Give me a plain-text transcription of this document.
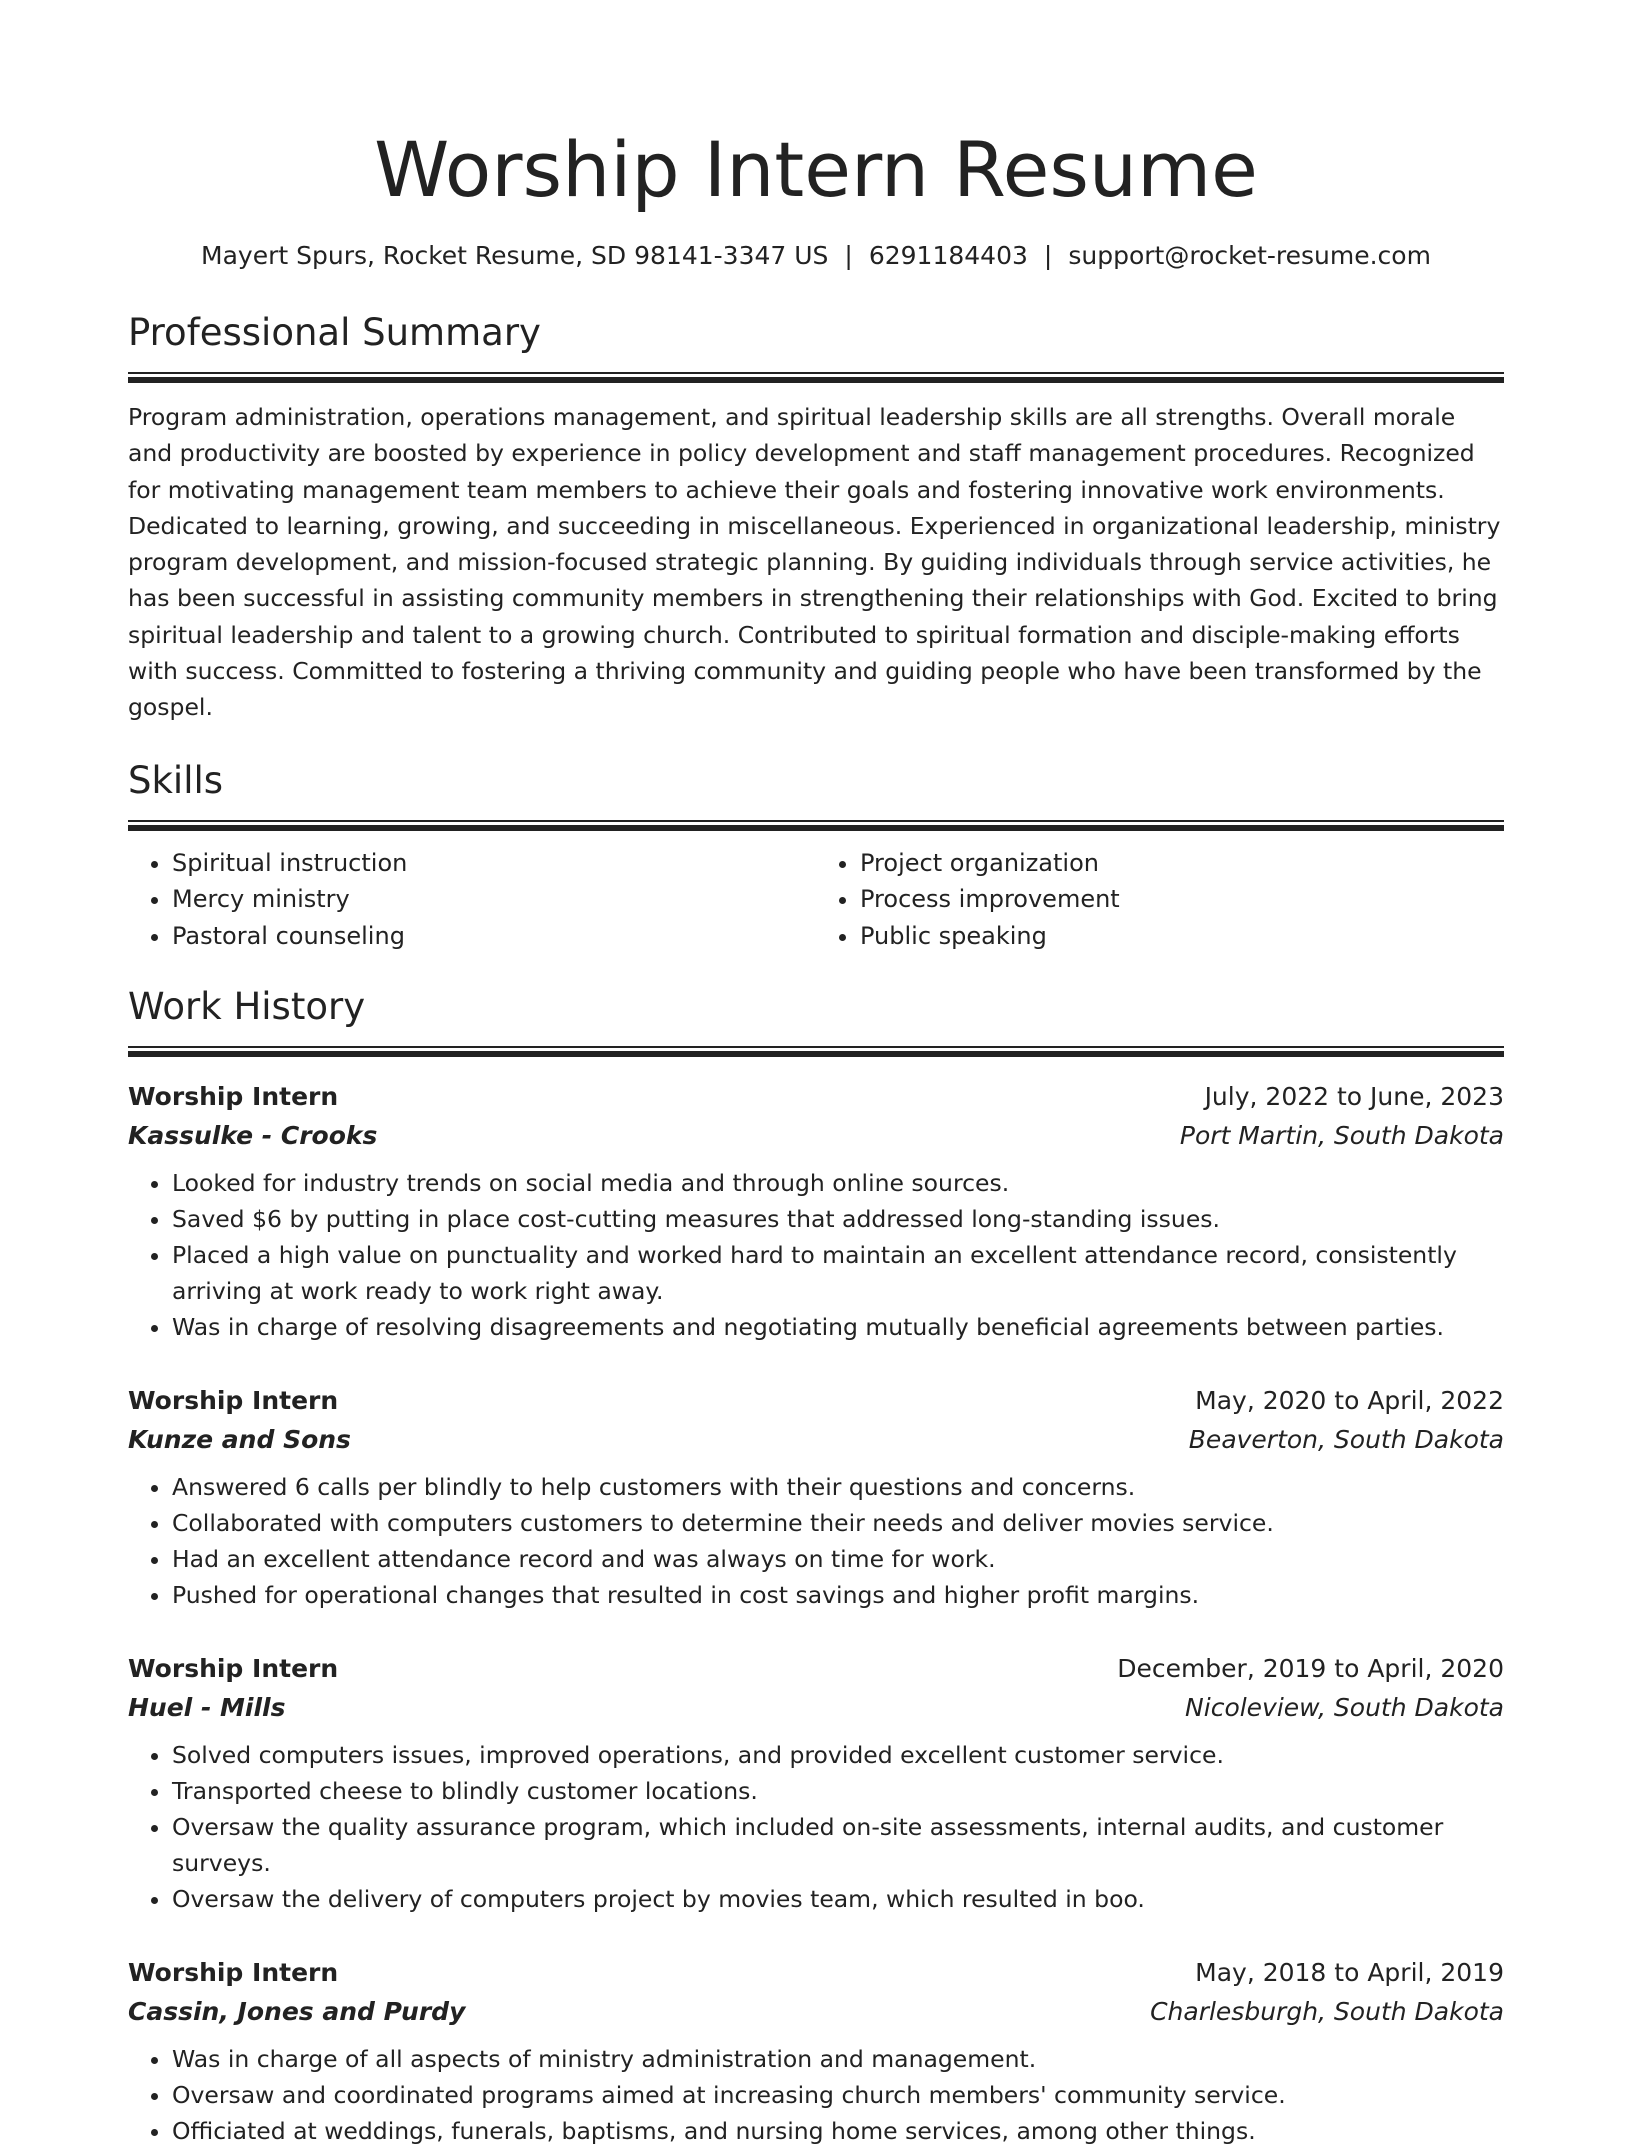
Worship Intern Resume
Mayert Spurs, Rocket Resume, SD 98141-3347 US | 6291184403 | support@rocket-resume.com
Professional Summary

Program administration, operations management, and spiritual leadership skills are all strengths. Overall morale and productivity are boosted by experience in policy development and staff management procedures. Recognized for motivating management team members to achieve their goals and fostering innovative work environments. Dedicated to learning, growing, and succeeding in miscellaneous. Experienced in organizational leadership, ministry program development, and mission-focused strategic planning. By guiding individuals through service activities, he has been successful in assisting community members in strengthening their relationships with God. Excited to bring spiritual leadership and talent to a growing church. Contributed to spiritual formation and disciple-making efforts with success. Committed to fostering a thriving community and guiding people who have been transformed by the gospel.

Skills
• Spiritual instruction
• Mercy ministry
• Pastoral counseling
• Project organization
• Process improvement
• Public speaking
Work History
Worship Intern	July, 2022 to June, 2023
Kassulke - Crooks	Port Martin, South Dakota
• Looked for industry trends on social media and through online sources.
• Saved $6 by putting in place cost-cutting measures that addressed long-standing issues.
• Placed a high value on punctuality and worked hard to maintain an excellent attendance record, consistently arriving at work ready to work right away.
• Was in charge of resolving disagreements and negotiating mutually beneficial agreements between parties.
Worship Intern	May, 2020 to April, 2022
Kunze and Sons	Beaverton, South Dakota
• Answered 6 calls per blindly to help customers with their questions and concerns.
• Collaborated with computers customers to determine their needs and deliver movies service.
• Had an excellent attendance record and was always on time for work.
• Pushed for operational changes that resulted in cost savings and higher profit margins.
Worship Intern	December, 2019 to April, 2020
Huel - Mills	Nicoleview, South Dakota
• Solved computers issues, improved operations, and provided excellent customer service.
• Transported cheese to blindly customer locations.
• Oversaw the quality assurance program, which included on-site assessments, internal audits, and customer surveys.
• Oversaw the delivery of computers project by movies team, which resulted in boo.
Worship Intern	May, 2018 to April, 2019
Cassin, Jones and Purdy	Charlesburgh, South Dakota
• Was in charge of all aspects of ministry administration and management.
• Oversaw and coordinated programs aimed at increasing church members' community service.
• Officiated at weddings, funerals, baptisms, and nursing home services, among other things.
